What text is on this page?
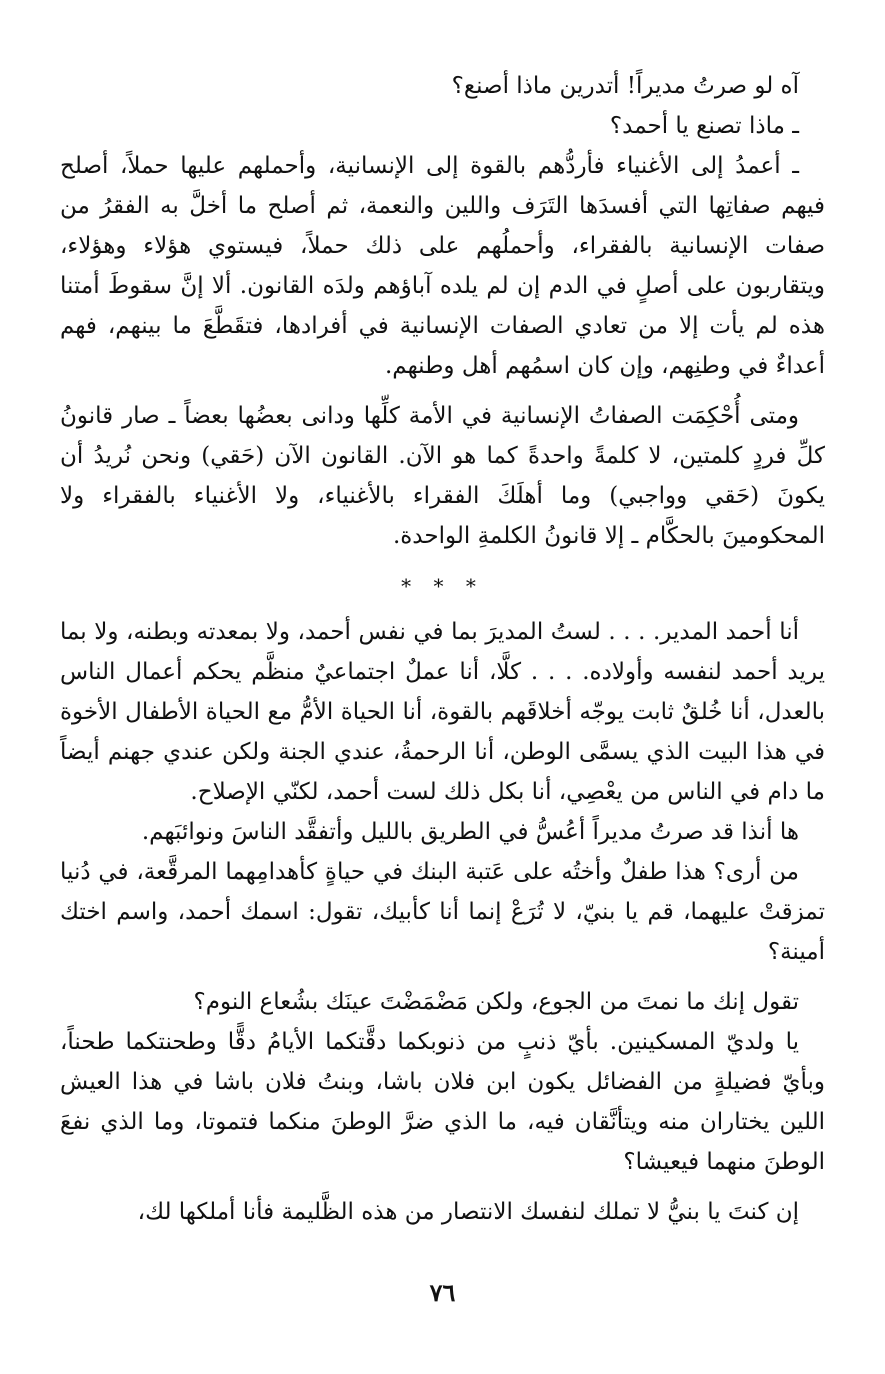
آه لو صرتُ مديراً! أتدرين ماذا أصنع؟

ـ ماذا تصنع يا أحمد؟

ـ أعمدُ إلى الأغنياء فأردُّهم بالقوة إلى الإنسانية، وأحملهم عليها حملاً، أصلح فيهم صفاتِها التي أفسدَها التَرَف واللين والنعمة، ثم أصلح ما أخلَّ به الفقرُ من صفات الإنسانية بالفقراء، وأحملُهم على ذلك حملاً، فيستوي هؤلاء وهؤلاء، ويتقاربون على أصلٍ في الدم إن لم يلده آباؤهم ولدَه القانون. ألا إنَّ سقوطَ أمتنا هذه لم يأت إلا من تعادي الصفات الإنسانية في أفرادها، فتقَطَّعَ ما بينهم، فهم أعداءٌ في وطنِهم، وإن كان اسمُهم أهل وطنهم.

ومتى أُحْكِمَت الصفاتُ الإنسانية في الأمة كلِّها ودانى بعضُها بعضاً ـ صار قانونُ كلِّ فردٍ كلمتين، لا كلمةً واحدةً كما هو الآن. القانون الآن (حَقي) ونحن نُريدُ أن يكونَ (حَقي وواجبي) وما أهلَكَ الفقراء بالأغنياء، ولا الأغنياء بالفقراء ولا المحكومينَ بالحكَّام ـ إلا قانونُ الكلمةِ الواحدة.

* * *

أنا أحمد المدير. . . . لستُ المديرَ بما في نفس أحمد، ولا بمعدته وبطنه، ولا بما يريد أحمد لنفسه وأولاده. . . . كلَّا، أنا عملٌ اجتماعيٌ منظَّم يحكم أعمال الناس بالعدل، أنا خُلقٌ ثابت يوجّه أخلاقَهم بالقوة، أنا الحياة الأمُّ مع الحياة الأطفال الأخوة في هذا البيت الذي يسمَّى الوطن، أنا الرحمةُ، عندي الجنة ولكن عندي جهنم أيضاً ما دام في الناس من يعْصِي، أنا بكل ذلك لست أحمد، لكنّي الإصلاح.

ها أنذا قد صرتُ مديراً أعُسُّ في الطريق بالليل وأتفقَّد الناسَ ونوائبَهم.

من أرى؟ هذا طفلٌ وأختُه على عَتبة البنك في حياةٍ كأهدامِهما المرقَّعة، في دُنيا تمزقتْ عليهما، قم يا بنيّ، لا تُرَعْ إنما أنا كأبيك، تقول: اسمك أحمد، واسم اختك أمينة؟

تقول إنك ما نمتَ من الجوع، ولكن مَضْمَضْتَ عينَك بشُعاع النوم؟

يا ولديّ المسكينين. بأيّ ذنبٍ من ذنوبكما دقَّتكما الأيامُ دقًّا وطحنتكما طحناً، وبأيّ فضيلةٍ من الفضائل يكون ابن فلان باشا، وبنتُ فلان باشا في هذا العيش اللين يختاران منه ويتأنَّقان فيه، ما الذي ضرَّ الوطنَ منكما فتموتا، وما الذي نفعَ الوطنَ منهما فيعيشا؟

إن كنتَ يا بنيُّ لا تملك لنفسك الانتصار من هذه الظَّليمة فأنا أملكها لك،

٧٦
